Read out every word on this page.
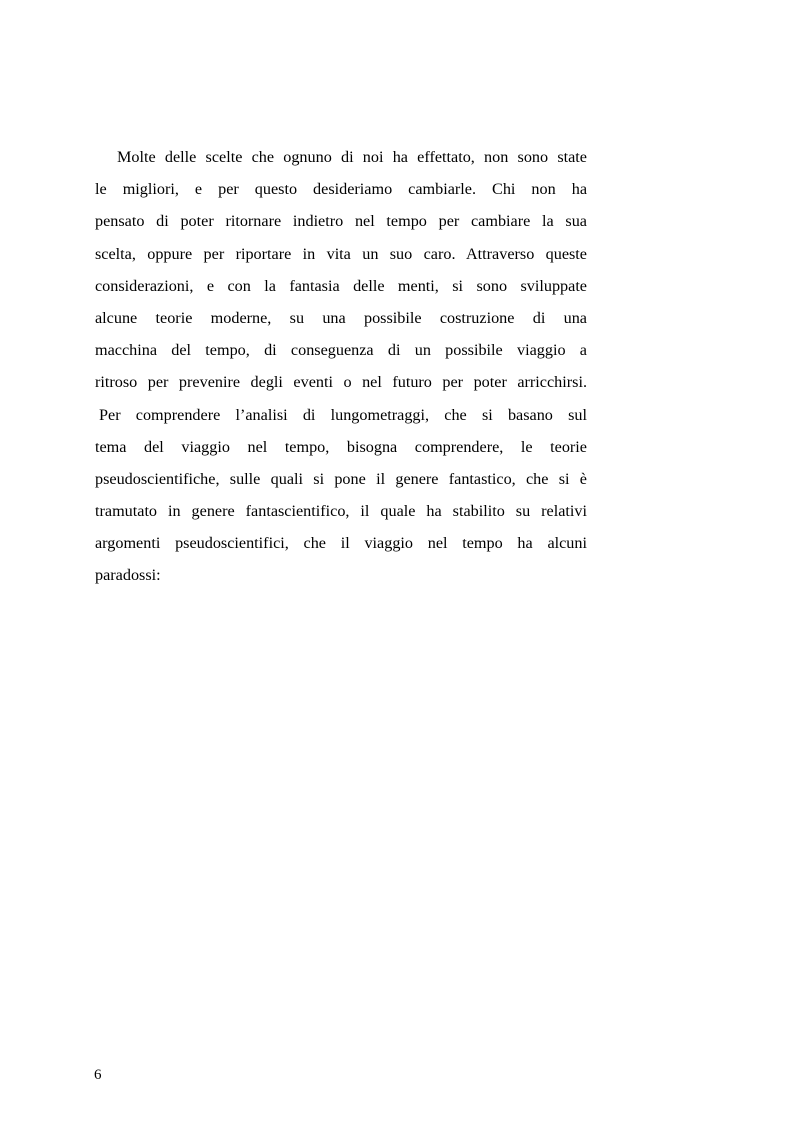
Molte delle scelte che ognuno di noi ha effettato, non sono state
le migliori, e per questo desideriamo cambiarle. Chi non ha
pensato di poter ritornare indietro nel tempo per cambiare la sua
scelta, oppure per riportare in vita un suo caro. Attraverso queste
considerazioni, e con la fantasia delle menti, si sono sviluppate
alcune teorie moderne, su una possibile costruzione di una
macchina del tempo, di conseguenza di un possibile viaggio a
ritroso per prevenire degli eventi o nel futuro per poter arricchirsi.
Per comprendere l’analisi di lungometraggi, che si basano sul
tema del viaggio nel tempo, bisogna comprendere, le teorie
pseudoscientifiche, sulle quali si pone il genere fantastico, che si è
tramutato in genere fantascientifico, il quale ha stabilito su relativi
argomenti pseudoscientifici, che il viaggio nel tempo ha alcuni
paradossi:
6
